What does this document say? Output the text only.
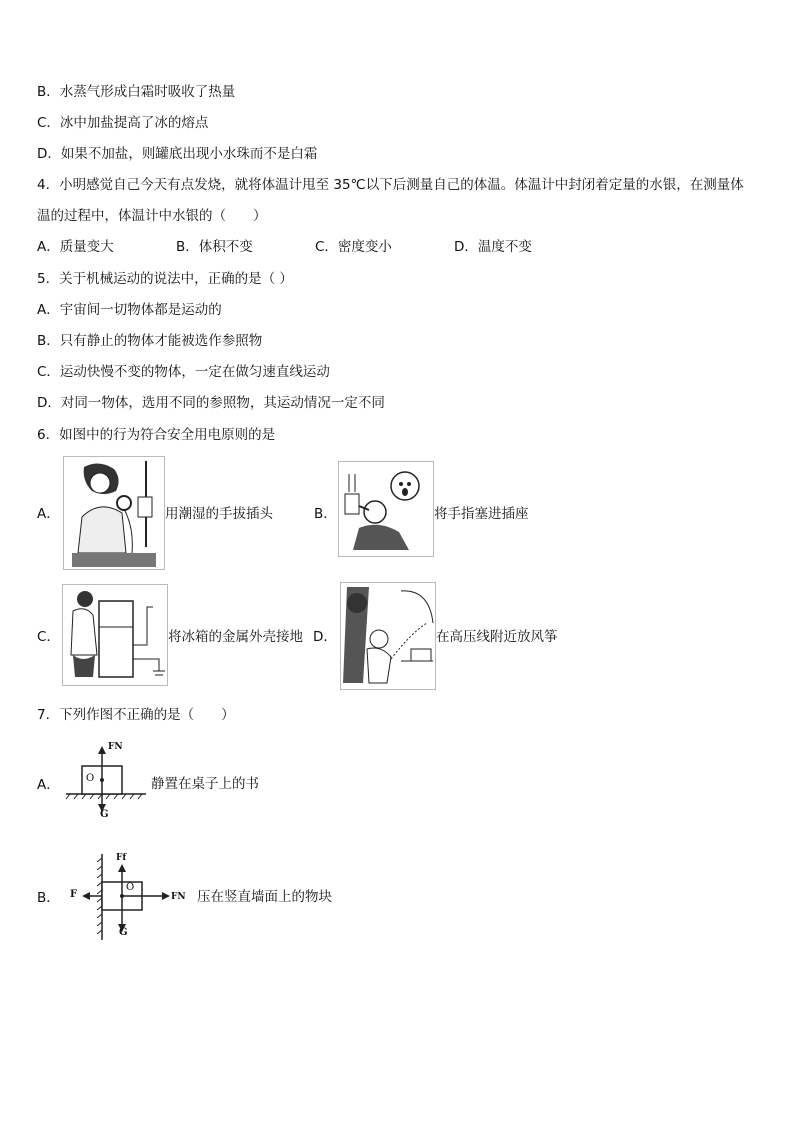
B．水蒸气形成白霜时吸收了热量
C．冰中加盐提高了冰的熔点
D．如果不加盐，则罐底出现小水珠而不是白霜
4．小明感觉自己今天有点发烧，就将体温计甩至 35℃以下后测量自己的体温。体温计中封闭着定量的水银，在测量体
温的过程中，体温计中水银的（　　）
A．质量变大	B．体积不变	C．密度变小	D．温度不变
5．关于机械运动的说法中，正确的是（ ）
A．宇宙间一切物体都是运动的
B．只有静止的物体才能被选作参照物
C．运动快慢不变的物体，一定在做匀速直线运动
D．对同一物体，选用不同的参照物，其运动情况一定不同
6．如图中的行为符合安全用电原则的是
A．	用潮湿的手拔插头	B．	将手指塞进插座
C．	将冰箱的金属外壳接地 D．	在高压线附近放风筝
7．下列作图不正确的是（　　）
A．
FN
O
G
静置在桌子上的书
B．
Ff
F
O
FN
G
压在竖直墙面上的物块
